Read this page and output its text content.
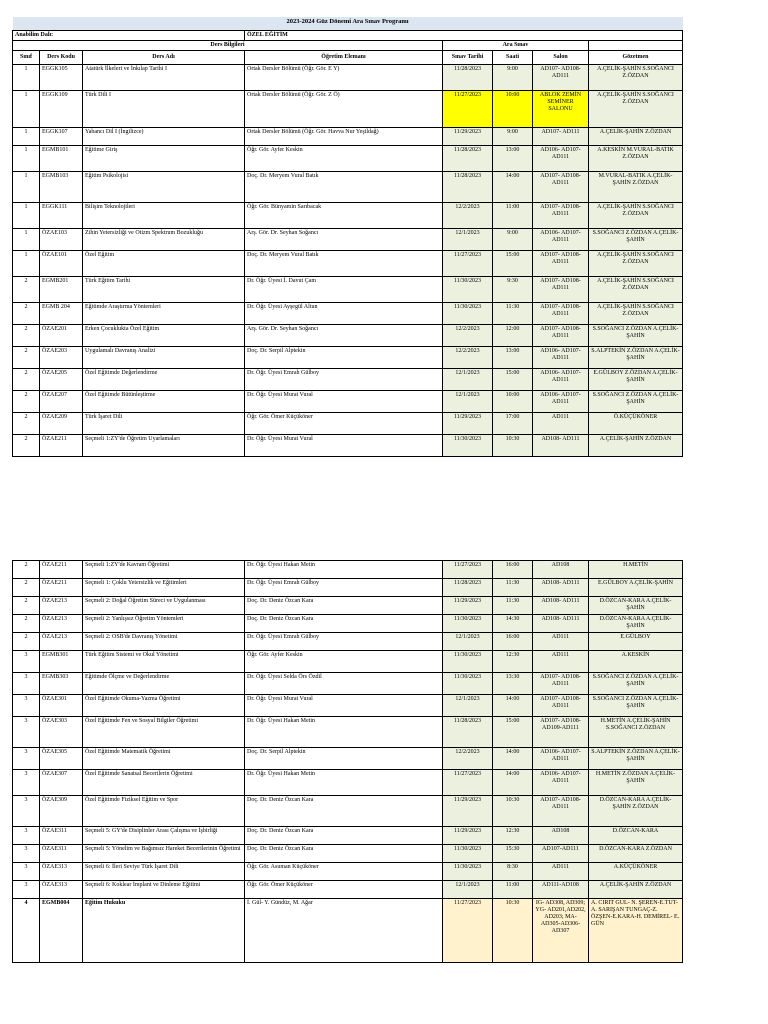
2023-2024 Güz Dönemi Ara Sınav Programı							
Anabilim Dalı:			ÖZEL EĞİTİM				
Ders Bilgileri				Ara Sınav			
Sınıf	Ders Kodu	Ders Adı	Öğretim Elemanı	Sınav Tarihi	Saati	Salon	Gözetmen
1	EGGK105	Atatürk İlkeleri ve İnkılap Tarihi I	Ortak Dersler Bölümü (Öğr. Gör. E Y)	11/28/2023	9:00	AD107- AD108-AD111	A.ÇELİK-ŞAHİN S.SOĞANCI Z.ÖZDAN
1	EGGK109	Türk Dili I	Ortak Dersler Bölümü (Öğr. Gör. Z Ö)	11/27/2023	10:00	ABLOK ZEMİN SEMİNER SALONU	A.ÇELİK-ŞAHİN S.SOĞANCI Z.ÖZDAN
1	EGGK107	Yabancı Dil I (İngilizce)	Ortak Dersler Bölümü (Öğr. Gör. Havva Nur Yeşildağ)	11/29/2023	9:00	AD107- AD111	A.ÇELİK-ŞAHİN Z.ÖZDAN
1	EGMB101	Eğitime Giriş	Öğr. Gör. Ayfer Keskin	11/28/2023	13:00	AD106- AD107-AD111	A.KESKİN M.VURAL-BATIK Z.ÖZDAN
1	EGMB103	Eğitim Psikolojisi	Doç. Dr. Meryem Vural Batık	11/28/2023	14:00	AD107- AD108-AD111	M.VURAL-BATIK A.ÇELİK-ŞAHİN Z.ÖZDAN
1	EGGK111	Bilişim Teknolojileri	Öğr. Gör. Bünyamin Sarıbacak	12/2/2023	11:00	AD107- AD108-AD111	A.ÇELİK-ŞAHİN S.SOĞANCI Z.ÖZDAN
1	ÖZAE103	Zihin Yetersizliği ve Otizm Spektrum Bozukluğu	Arş. Gör. Dr. Seyhan Soğancı	12/1/2023	9:00	AD106- AD107-AD111	S.SOĞANCI Z.ÖZDAN A.ÇELİK-ŞAHİN
1	ÖZAE101	Özel Eğitim	Doç. Dr. Meryem Vural Batık	11/27/2023	15:00	AD107- AD108-AD111	A.ÇELİK-ŞAHİN S.SOĞANCI Z.ÖZDAN
2	EGMB201	Türk Eğitim Tarihi	Dr. Öğr. Üyesi İ. Davut Çam	11/30/2023	9:30	AD107- AD108-AD111	A.ÇELİK-ŞAHİN S.SOĞANCI Z.ÖZDAN
2	EGMB 204	Eğitimde Araştırma Yöntemleri	Dr. Öğr. Üyesi Ayşegül Altun	11/30/2023	11:30	AD107- AD108-AD111	A.ÇELİK-ŞAHİN S.SOĞANCI Z.ÖZDAN
2	ÖZAE201	Erken Çocuklukta Özel Eğitim	Arş. Gör. Dr. Seyhan Soğancı	12/2/2023	12:00	AD107- AD108-AD111	S.SOĞANCI Z.ÖZDAN A.ÇELİK-ŞAHİN
2	ÖZAE203	Uygulamalı Davranış Analizi	Doç. Dr. Serpil Alptekin	12/2/2023	13:00	AD106- AD107-AD111	S.ALPTEKİN Z.ÖZDAN A.ÇELİK-ŞAHİN
2	ÖZAE205	Özel Eğitimde Değerlendirme	Dr. Öğr. Üyesi Emrah Gülboy	12/1/2023	15:00	AD106- AD107-AD111	E.GÜLBOY Z.ÖZDAN A.ÇELİK-ŞAHİN
2	ÖZAE207	Özel Eğitimde Bütünleştirme	Dr. Öğr. Üyesi Murat Vural	12/1/2023	10:00	AD106- AD107-AD111	S.SOĞANCI Z.ÖZDAN A.ÇELİK-ŞAHİN
2	ÖZAE209	Türk İşaret Dili	Öğr. Gör. Ömer Küçüköner	11/29/2023	17:00	AD111	Ö.KÜÇÜKÖNER
2	ÖZAE211	Seçmeli 1:ZY'de Öğretim Uyarlamaları	Dr. Öğr. Üyesi Murat Vural	11/30/2023	10:30	AD108- AD111	A.ÇELİK-ŞAHİN Z.ÖZDAN
2	ÖZAE211	Seçmeli 1:ZY'de Kavram Öğretimi	Dr. Öğr. Üyesi Hakan Metin	11/27/2023	16:00	AD108	H.METİN
2	ÖZAE211	Seçmeli 1: Çoklu Yetersizlik ve Eğitimleri	Dr. Öğr. Üyesi Emrah Gülboy	11/28/2023	11:30	AD108- AD111	E.GÜLBOY A.ÇELİK-ŞAHİN
2	ÖZAE213	Seçmeli 2: Doğal Öğretim Süreci ve Uygulanması	Doç. Dr. Deniz Özcan Kara	11/29/2023	11:30	AD108- AD111	D.ÖZCAN-KARA A.ÇELİK-ŞAHİN
2	ÖZAE213	Seçmeli 2: Yanlışsız Öğretim Yöntemleri	Doç. Dr. Deniz Özcan Kara	11/30/2023	14:30	AD108- AD111	D.ÖZCAN-KARA A.ÇELİK-ŞAHİN
2	ÖZAE213	Seçmeli 2: OSB'de Davranış Yönetimi	Dr. Öğr. Üyesi Emrah Gülboy	12/1/2023	16:00	AD111	E.GÜLBOY
3	EGMB301	Türk Eğitim Sistemi ve Okul Yönetimi	Öğr. Gör. Ayfer Keskin	11/30/2023	12:30	AD111	A.KESKİN
3	EGMB303	Eğitimde Ölçme ve Değerlendirme	Dr. Öğr. Üyesi Selda Örs Özdil	11/30/2023	13:30	AD107- AD108-AD111	S.SOĞANCI Z.ÖZDAN A.ÇELİK-ŞAHİN
3	ÖZAE301	Özel Eğitimde Okuma-Yazma Öğretimi	Dr. Öğr. Üyesi Murat Vural	12/1/2023	14:00	AD107- AD108-AD111	S.SOĞANCI Z.ÖZDAN A.ÇELİK-ŞAHİN
3	ÖZAE303	Özel Eğitimde Fen ve Sosyal Bilgiler Öğretimi	Dr. Öğr. Üyesi Hakan Metin	11/28/2023	15:00	AD107- AD108- AD109-AD111	H.METİN A.ÇELİK-ŞAHİN S.SOĞANCI Z.ÖZDAN
3	ÖZAE305	Özel Eğitimde Matematik Öğretimi	Doç. Dr. Serpil Alptekin	12/2/2023	14:00	AD106- AD107-AD111	S.ALPTEKİN Z.ÖZDAN A.ÇELİK-ŞAHİN
3	ÖZAE307	Özel Eğitimde Sanatsal Becerilerin Öğretimi	Dr. Öğr. Üyesi Hakan Metin	11/27/2023	14:00	AD106- AD107-AD111	H.METİN Z.ÖZDAN A.ÇELİK-ŞAHİN
3	ÖZAE309	Özel Eğitimde Fiziksel Eğitim ve Spor	Doç. Dr. Deniz Özcan Kara	11/29/2023	10:30	AD107- AD108-AD111	D.ÖZCAN-KARA A.ÇELİK-ŞAHİN Z.ÖZDAN
3	ÖZAE311	Seçmeli 5: GY'de Disiplinler Arası Çalışma ve İşbirliği	Doç. Dr. Deniz Özcan Kara	11/29/2023	12:30	AD108	D.ÖZCAN-KARA
3	ÖZAE311	Seçmeli 5: Yönelim ve Bağımsız Hareket Becerilerinin Öğretimi	Doç. Dr. Deniz Özcan Kara	11/30/2023	15:30	AD107-AD111	D.ÖZCAN-KARA Z.ÖZDAN
3	ÖZAE313	Seçmeli 6: İleri Seviye Türk İşaret Dili	Öğr. Gör. Asuman Küçüköner	11/30/2023	8:30	AD111	A.KÜÇÜKÖNER
3	ÖZAE313	Seçmeli 6: Koklear İmplant ve Dinleme Eğitimi	Öğr. Gör. Ömer Küçüköner	12/1/2023	11:00	AD111-AD108	A.ÇELİK-ŞAHİN Z.ÖZDAN
4	EGMB004	Eğitim Hukuku	İ. Gül- Y. Gündüz, M. Ağar	11/27/2023	10:30	IG- AD308, AD309; YG- AD201,AD202, AD203; MA- AD305-AD306-AD307	A. CIRIT GUL- N. ŞEREN-E.TUT-A. SARIŞAN TUNGAÇ-Z. ÖZŞEN-E.KARA-H. DEMİREL- E. GÜN
